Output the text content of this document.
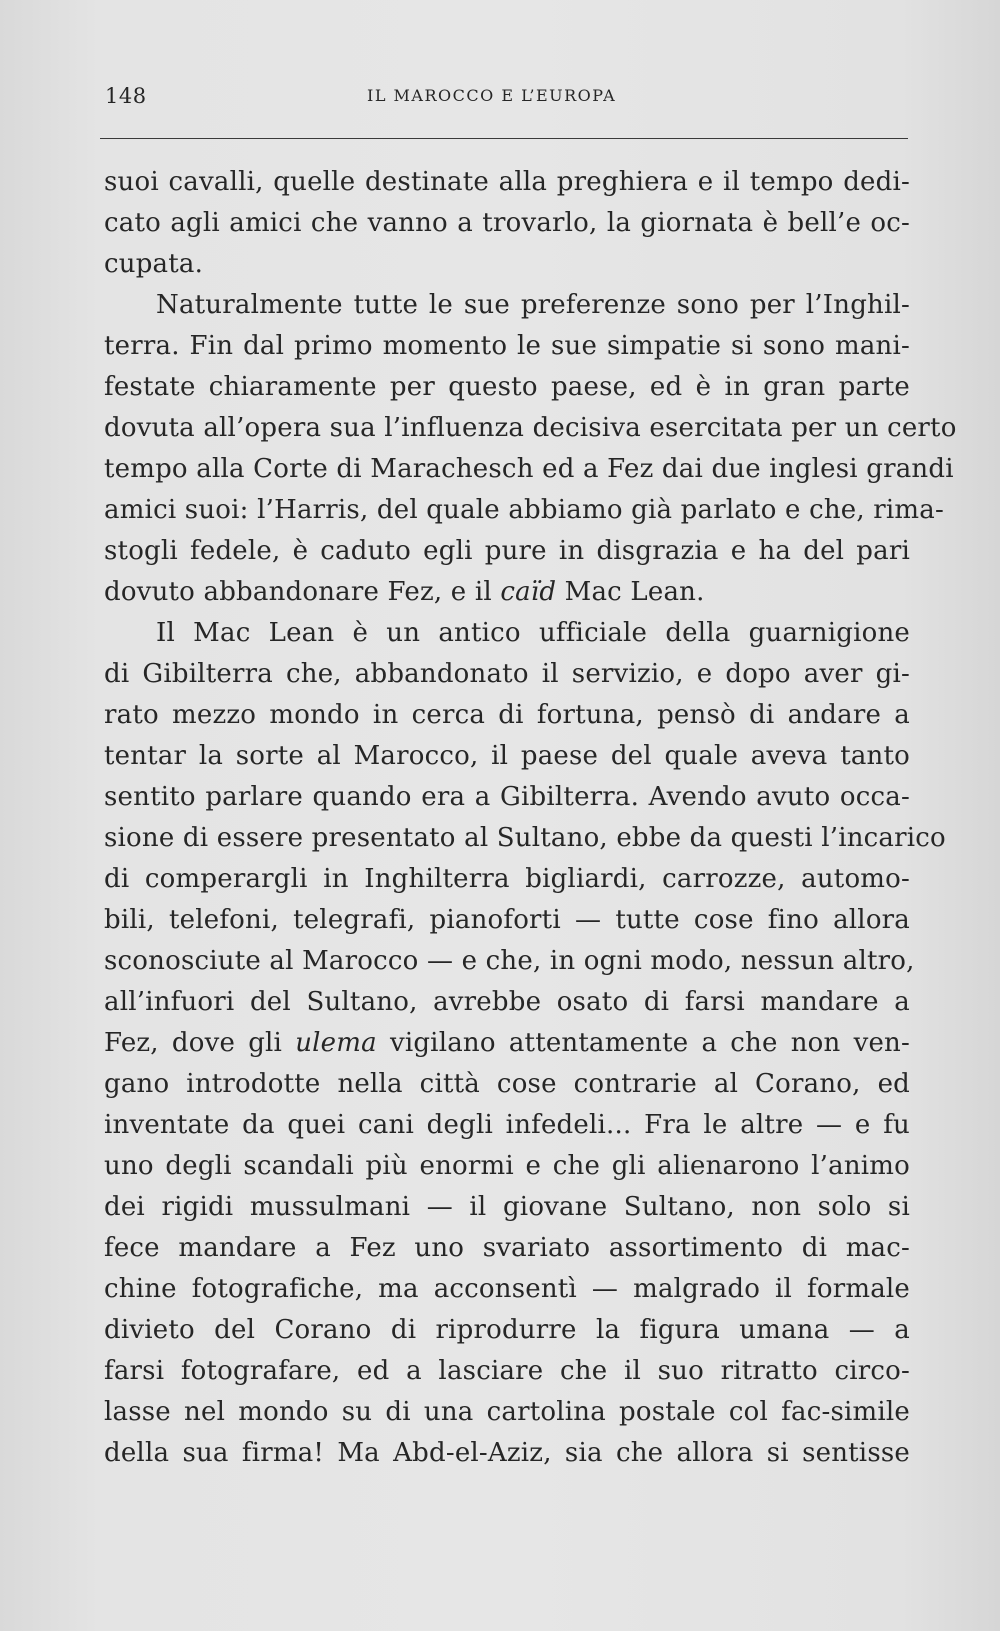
148	IL MAROCCO E L’EUROPA
suoi cavalli, quelle destinate alla preghiera e il tempo dedi-
cato agli amici che vanno a trovarlo, la giornata è bell’e oc-
cupata.
Naturalmente tutte le sue preferenze sono per l’Inghil-
terra. Fin dal primo momento le sue simpatie si sono mani-
festate chiaramente per questo paese, ed è in gran parte
dovuta all’opera sua l’influenza decisiva esercitata per un certo
tempo alla Corte di Marachesch ed a Fez dai due inglesi grandi
amici suoi: l’Harris, del quale abbiamo già parlato e che, rima-
stogli fedele, è caduto egli pure in disgrazia e ha del pari
dovuto abbandonare Fez, e il caïd Mac Lean.
Il Mac Lean è un antico ufficiale della guarnigione
di Gibilterra che, abbandonato il servizio, e dopo aver gi-
rato mezzo mondo in cerca di fortuna, pensò di andare a
tentar la sorte al Marocco, il paese del quale aveva tanto
sentito parlare quando era a Gibilterra. Avendo avuto occa-
sione di essere presentato al Sultano, ebbe da questi l’incarico
di comperargli in Inghilterra bigliardi, carrozze, automo-
bili, telefoni, telegrafi, pianoforti — tutte cose fino allora
sconosciute al Marocco — e che, in ogni modo, nessun altro,
all’infuori del Sultano, avrebbe osato di farsi mandare a
Fez, dove gli ulema vigilano attentamente a che non ven-
gano introdotte nella città cose contrarie al Corano, ed
inventate da quei cani degli infedeli... Fra le altre — e fu
uno degli scandali più enormi e che gli alienarono l’animo
dei rigidi mussulmani — il giovane Sultano, non solo si
fece mandare a Fez uno svariato assortimento di mac-
chine fotografiche, ma acconsentì — malgrado il formale
divieto del Corano di riprodurre la figura umana — a
farsi fotografare, ed a lasciare che il suo ritratto circo-
lasse nel mondo su di una cartolina postale col fac-simile
della sua firma! Ma Abd-el-Aziz, sia che allora si sentisse
